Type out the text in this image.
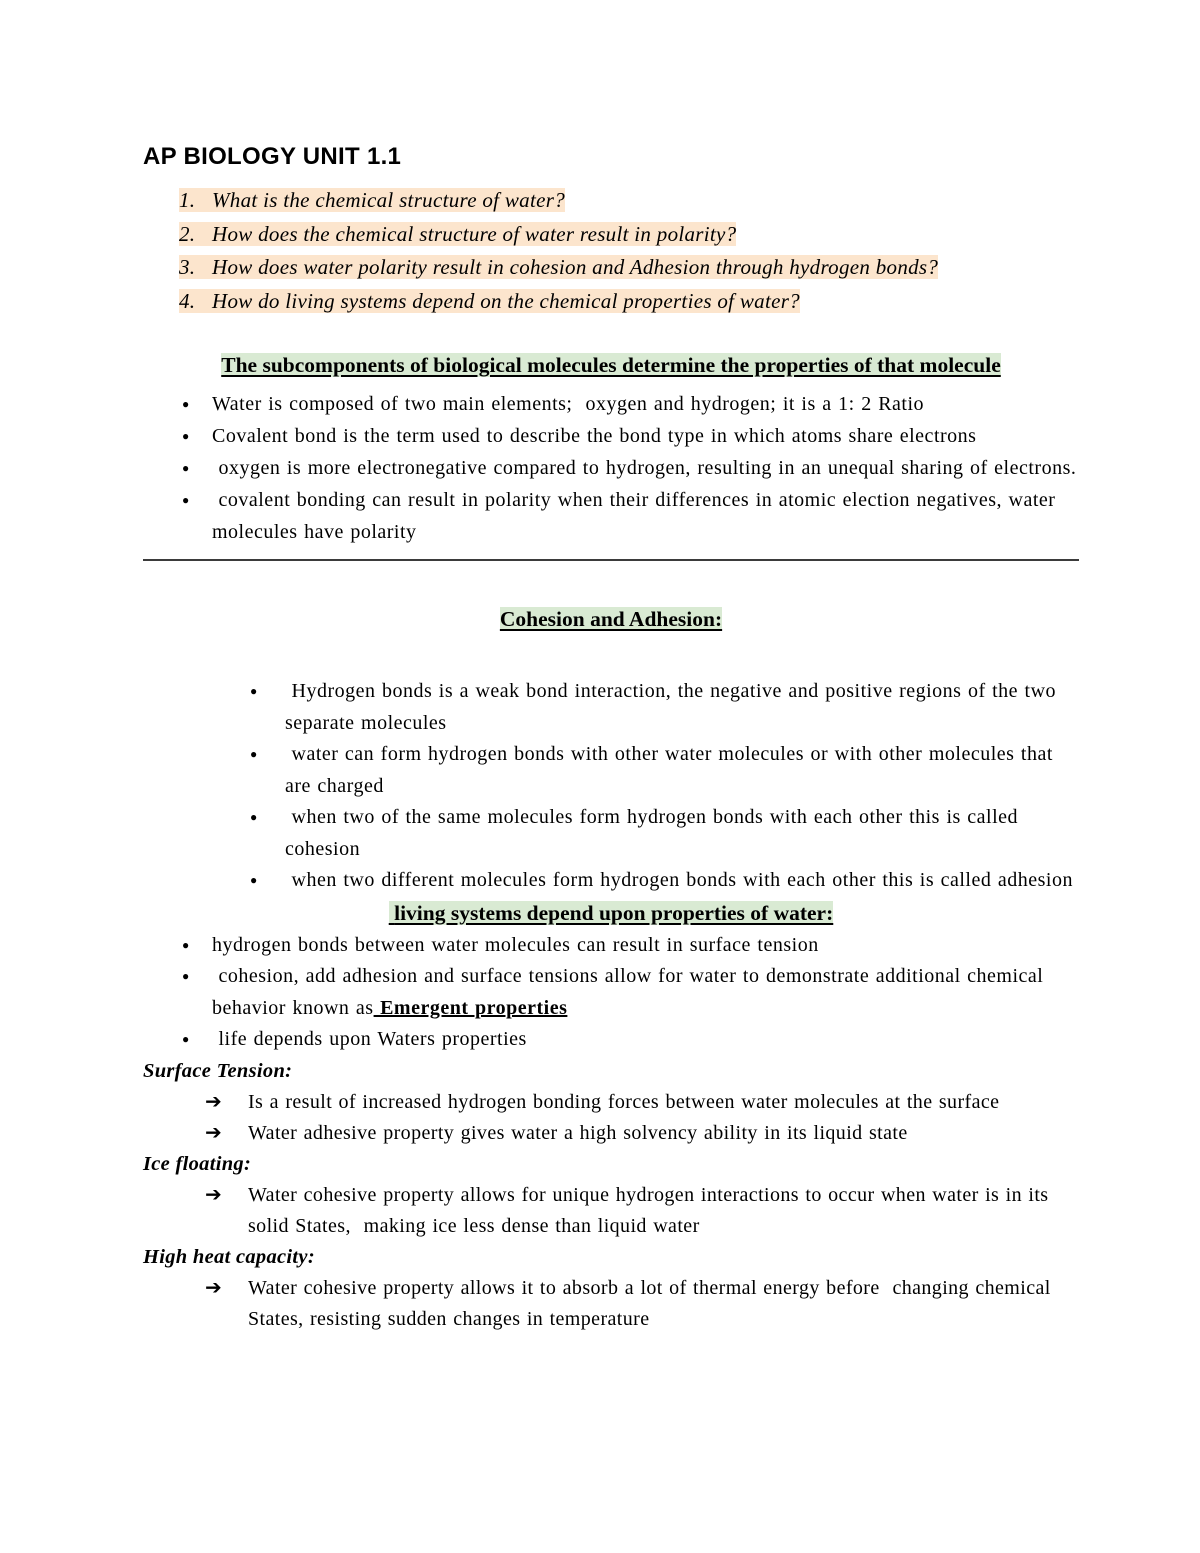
AP BIOLOGY UNIT 1.1
1. What is the chemical structure of water?
2. How does the chemical structure of water result in polarity?
3. How does water polarity result in cohesion and Adhesion through hydrogen bonds?
4. How do living systems depend on the chemical properties of water?
The subcomponents of biological molecules determine the properties of that molecule
● Water is composed of two main elements;  oxygen and hydrogen; it is a 1: 2 Ratio
● Covalent bond is the term used to describe the bond type in which atoms share electrons
● oxygen is more electronegative compared to hydrogen, resulting in an unequal sharing of electrons.
● covalent bonding can result in polarity when their differences in atomic election negatives, water molecules have polarity
Cohesion and Adhesion:
● Hydrogen bonds is a weak bond interaction, the negative and positive regions of the two separate molecules
● water can form hydrogen bonds with other water molecules or with other molecules that are charged
● when two of the same molecules form hydrogen bonds with each other this is called cohesion
● when two different molecules form hydrogen bonds with each other this is called adhesion
living systems depend upon properties of water:
● hydrogen bonds between water molecules can result in surface tension
● cohesion, add adhesion and surface tensions allow for water to demonstrate additional chemical behavior known as Emergent properties
● life depends upon Waters properties
Surface Tension:
➔ Is a result of increased hydrogen bonding forces between water molecules at the surface
➔ Water adhesive property gives water a high solvency ability in its liquid state
Ice floating:
➔ Water cohesive property allows for unique hydrogen interactions to occur when water is in its solid States,  making ice less dense than liquid water
High heat capacity:
➔ Water cohesive property allows it to absorb a lot of thermal energy before  changing chemical States, resisting sudden changes in temperature
